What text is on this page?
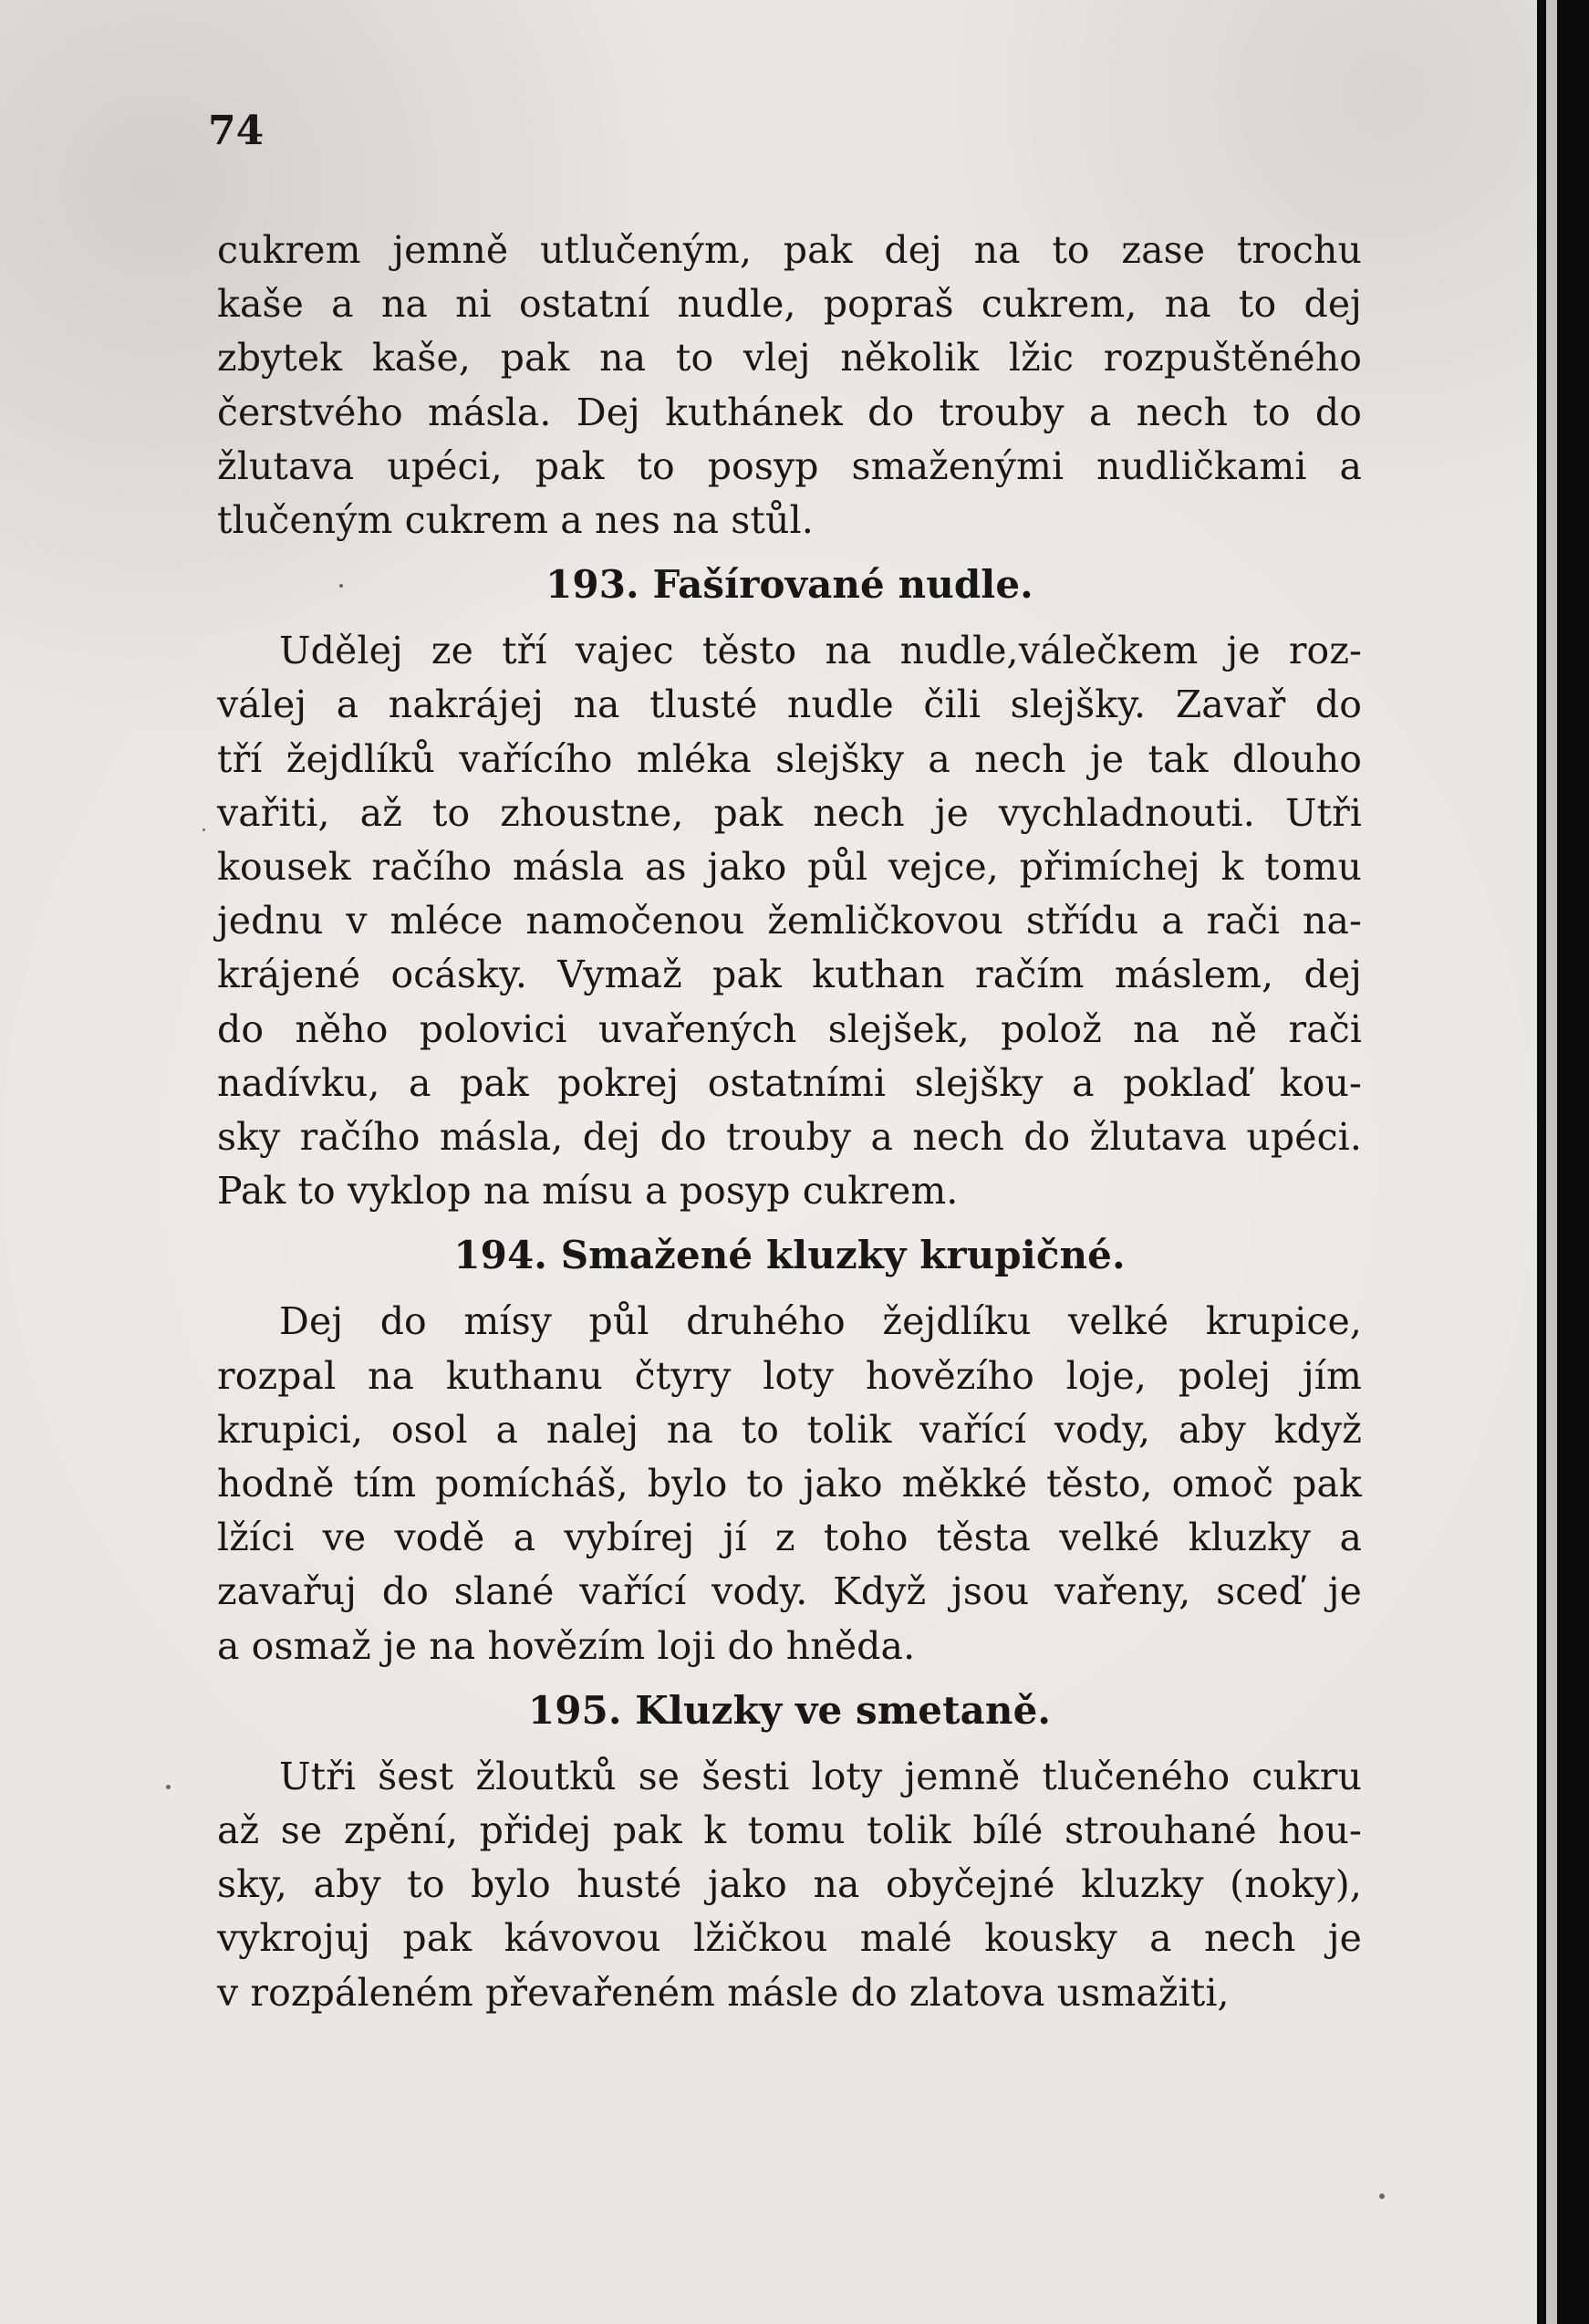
74
cukrem jemně utlučeným, pak dej na to zase trochu
kaše a na ni ostatní nudle, popraš cukrem, na to dej
zbytek kaše, pak na to vlej několik lžic rozpuštěného
čerstvého másla. Dej kuthánek do trouby a nech to do
žlutava upéci, pak to posyp smaženými nudličkami a
tlučeným cukrem a nes na stůl.
193. Fašírované nudle.
Udělej ze tří vajec těsto na nudle,válečkem je roz-
válej a nakrájej na tlusté nudle čili slejšky. Zavař do
tří žejdlíků vařícího mléka slejšky a nech je tak dlouho
vařiti, až to zhoustne, pak nech je vychladnouti. Utři
kousek račího másla as jako půl vejce, přimíchej k tomu
jednu v mléce namočenou žemličkovou střídu a rači na-
krájené ocásky. Vymaž pak kuthan račím máslem, dej
do něho polovici uvařených slejšek, polož na ně rači
nadívku, a pak pokrej ostatními slejšky a poklaď kou-
sky račího másla, dej do trouby a nech do žlutava upéci.
Pak to vyklop na mísu a posyp cukrem.
194. Smažené kluzky krupičné.
Dej do mísy půl druhého žejdlíku velké krupice,
rozpal na kuthanu čtyry loty hovězího loje, polej jím
krupici, osol a nalej na to tolik vařící vody, aby když
hodně tím pomícháš, bylo to jako měkké těsto, omoč pak
lžíci ve vodě a vybírej jí z toho těsta velké kluzky a
zavařuj do slané vařící vody. Když jsou vařeny, sceď je
a osmaž je na hovězím loji do hněda.
195. Kluzky ve smetaně.
Utři šest žloutků se šesti loty jemně tlučeného cukru
až se zpění, přidej pak k tomu tolik bílé strouhané hou-
sky, aby to bylo husté jako na obyčejné kluzky (noky),
vykrojuj pak kávovou lžičkou malé kousky a nech je
v rozpáleném převařeném másle do zlatova usmažiti,
